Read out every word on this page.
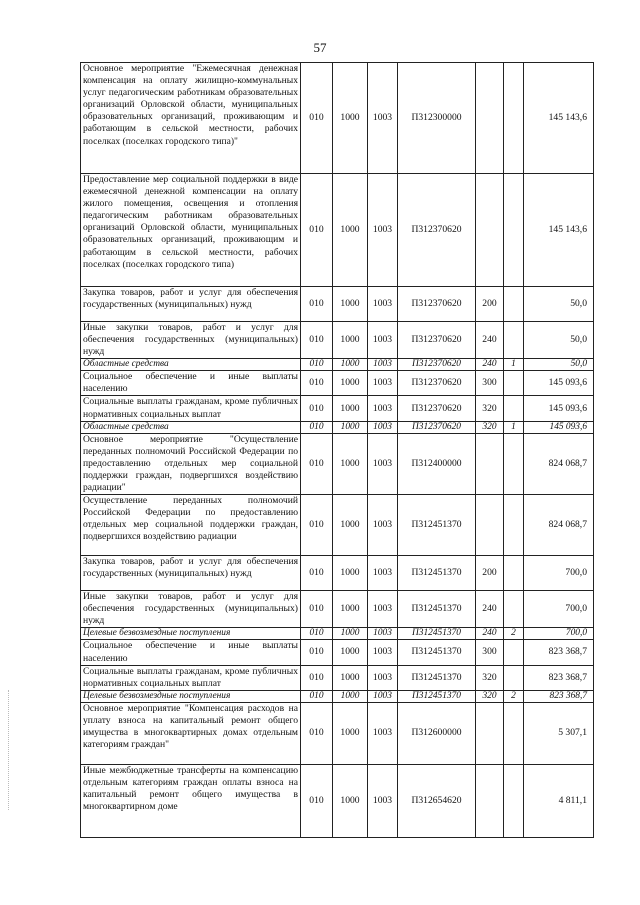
57
Основное мероприятие "Ежемесячная денежная компенсация на оплату жилищно-коммунальных услуг педагогическим работникам образовательных организаций Орловской области, муниципальных образовательных организаций, проживающим и работающим в сельской местности, рабочих поселках (поселках городского типа)"	010	1000	1003	П312300000			145 143,6
Предоставление мер социальной поддержки в виде ежемесячной денежной компенсации на оплату жилого помещения, освещения и отопления педагогическим работникам образовательных организаций Орловской области, муниципальных образовательных организаций, проживающим и работающим в сельской местности, рабочих поселках (поселках городского типа)	010	1000	1003	П312370620			145 143,6
Закупка товаров, работ и услуг для обеспечения государственных (муниципальных) нужд	010	1000	1003	П312370620	200		50,0
Иные закупки товаров, работ и услуг для обеспечения государственных (муниципальных) нужд	010	1000	1003	П312370620	240		50,0
Областные средства	010	1000	1003	П312370620	240	1	50,0
Социальное обеспечение и иные выплаты населению	010	1000	1003	П312370620	300		145 093,6
Социальные выплаты гражданам, кроме публичных нормативных социальных выплат	010	1000	1003	П312370620	320		145 093,6
Областные средства	010	1000	1003	П312370620	320	1	145 093,6
Основное мероприятие "Осуществление переданных полномочий Российской Федерации по предоставлению отдельных мер социальной поддержки граждан, подвергшихся воздействию радиации"	010	1000	1003	П312400000			824 068,7
Осуществление переданных полномочий Российской Федерации по предоставлению отдельных мер социальной поддержки граждан, подвергшихся воздействию радиации	010	1000	1003	П312451370			824 068,7
Закупка товаров, работ и услуг для обеспечения государственных (муниципальных) нужд	010	1000	1003	П312451370	200		700,0
Иные закупки товаров, работ и услуг для обеспечения государственных (муниципальных) нужд	010	1000	1003	П312451370	240		700,0
Целевые безвозмездные поступления	010	1000	1003	П312451370	240	2	700,0
Социальное обеспечение и иные выплаты населению	010	1000	1003	П312451370	300		823 368,7
Социальные выплаты гражданам, кроме публичных нормативных социальных выплат	010	1000	1003	П312451370	320		823 368,7
Целевые безвозмездные поступления	010	1000	1003	П312451370	320	2	823 368,7
Основное мероприятие "Компенсация расходов на уплату взноса на капитальный ремонт общего имущества в многоквартирных домах отдельным категориям граждан"	010	1000	1003	П312600000			5 307,1
Иные межбюджетные трансферты на компенсацию отдельным категориям граждан оплаты взноса на капитальный ремонт общего имущества в многоквартирном доме	010	1000	1003	П312654620			4 811,1
